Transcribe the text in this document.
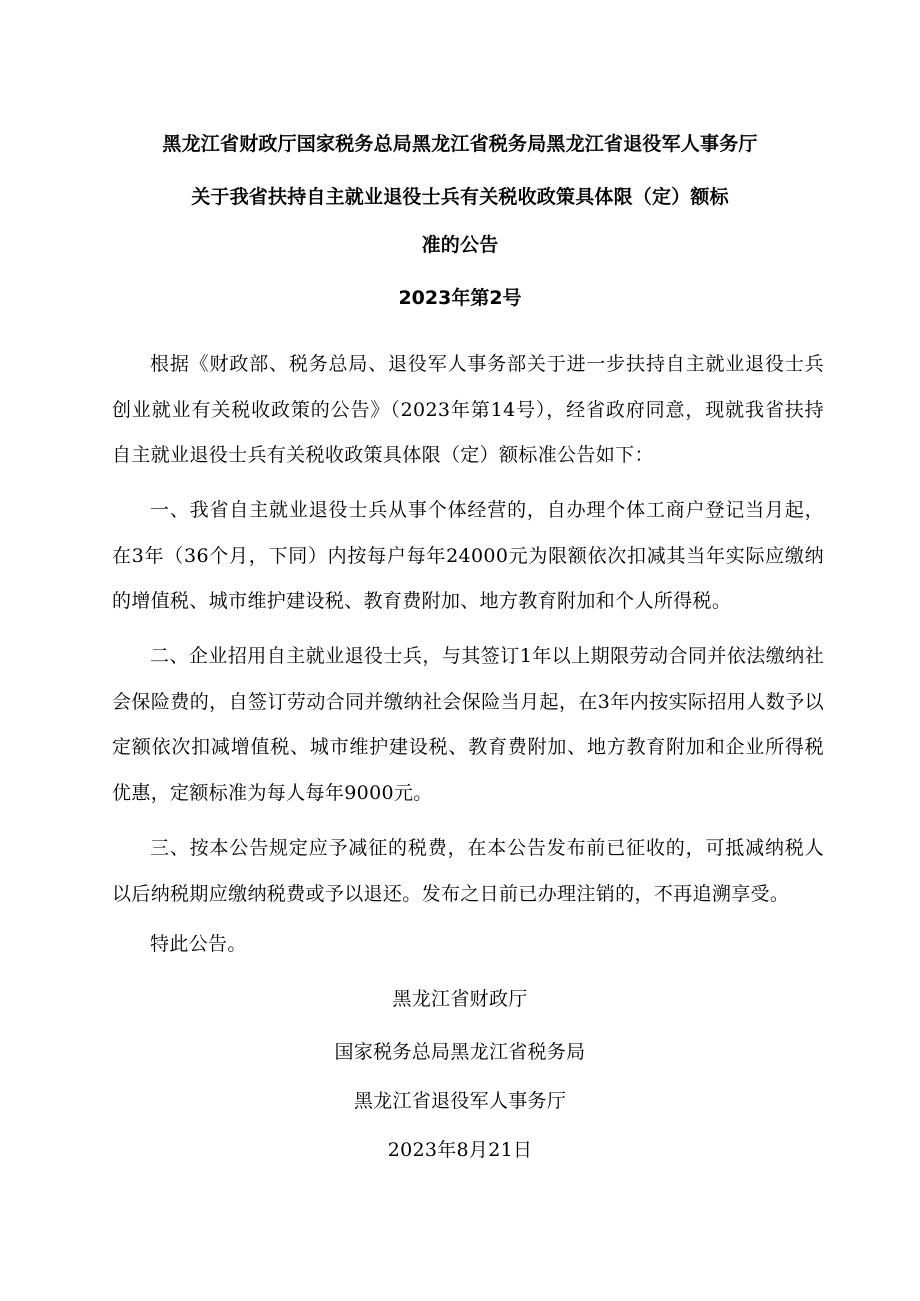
黑龙江省财政厅国家税务总局黑龙江省税务局黑龙江省退役军人事务厅
关于我省扶持自主就业退役士兵有关税收政策具体限（定）额标
准的公告
2023年第2号

根据《财政部、税务总局、退役军人事务部关于进一步扶持自主就业退役士兵创业就业有关税收政策的公告》（2023年第14号），经省政府同意，现就我省扶持自主就业退役士兵有关税收政策具体限（定）额标准公告如下：

一、我省自主就业退役士兵从事个体经营的，自办理个体工商户登记当月起，在3年（36个月，下同）内按每户每年24000元为限额依次扣减其当年实际应缴纳的增值税、城市维护建设税、教育费附加、地方教育附加和个人所得税。

二、企业招用自主就业退役士兵，与其签订1年以上期限劳动合同并依法缴纳社会保险费的，自签订劳动合同并缴纳社会保险当月起，在3年内按实际招用人数予以定额依次扣减增值税、城市维护建设税、教育费附加、地方教育附加和企业所得税优惠，定额标准为每人每年9000元。

三、按本公告规定应予减征的税费，在本公告发布前已征收的，可抵减纳税人以后纳税期应缴纳税费或予以退还。发布之日前已办理注销的，不再追溯享受。

特此公告。

黑龙江省财政厅
国家税务总局黑龙江省税务局
黑龙江省退役军人事务厅
2023年8月21日
